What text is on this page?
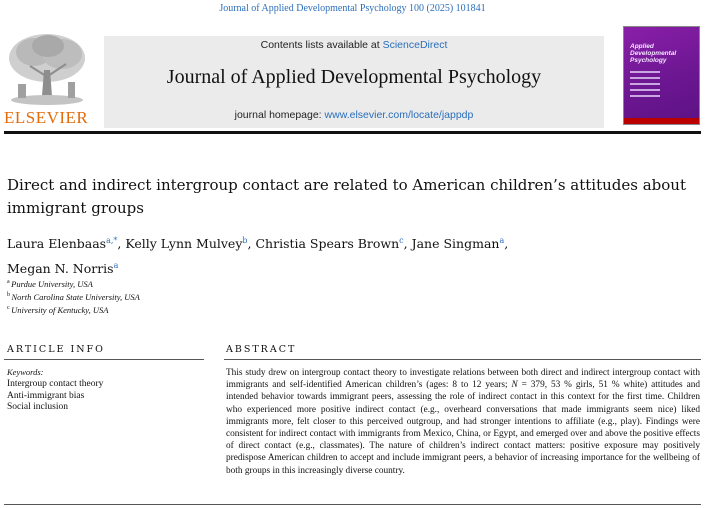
Journal of Applied Developmental Psychology 100 (2025) 101841
ELSEVIER
Contents lists available at ScienceDirect
Journal of Applied Developmental Psychology
journal homepage: www.elsevier.com/locate/jappdp
Applied Developmental Psychology
Direct and indirect intergroup contact are related to American children’s attitudes about immigrant groups
Laura Elenbaas$^{a,*}$, Kelly Lynn Mulvey$^b$, Christia Spears Brown$^c$, Jane Singman$^a$,
Megan N. Norris$^a$
$^a$ Purdue University, USA
$^b$ North Carolina State University, USA
$^c$ University of Kentucky, USA
ARTICLE INFO	ABSTRACT
Keywords:
Intergroup contact theory
Anti-immigrant bias
Social inclusion
This study drew on intergroup contact theory to investigate relations between both direct and indirect intergroup contact with immigrants and self-identified American children’s (ages: 8 to 12 years; N = 379, 53 % girls, 51 % white) attitudes and intended behavior towards immigrant peers, assessing the role of indirect contact in this context for the first time. Children who experienced more positive indirect contact (e.g., overheard conversations that made immigrants seem nice) liked immigrants more, felt closer to this perceived outgroup, and had stronger intentions to affiliate (e.g., play). Findings were consistent for indirect contact with immigrants from Mexico, China, or Egypt, and emerged over and above the positive effects of direct contact (e.g., classmates). The nature of children’s indirect contact matters: positive exposure may positively predispose American children to accept and include immigrant peers, a behavior of increasing importance for the wellbeing of both groups in this increasingly diverse country.
